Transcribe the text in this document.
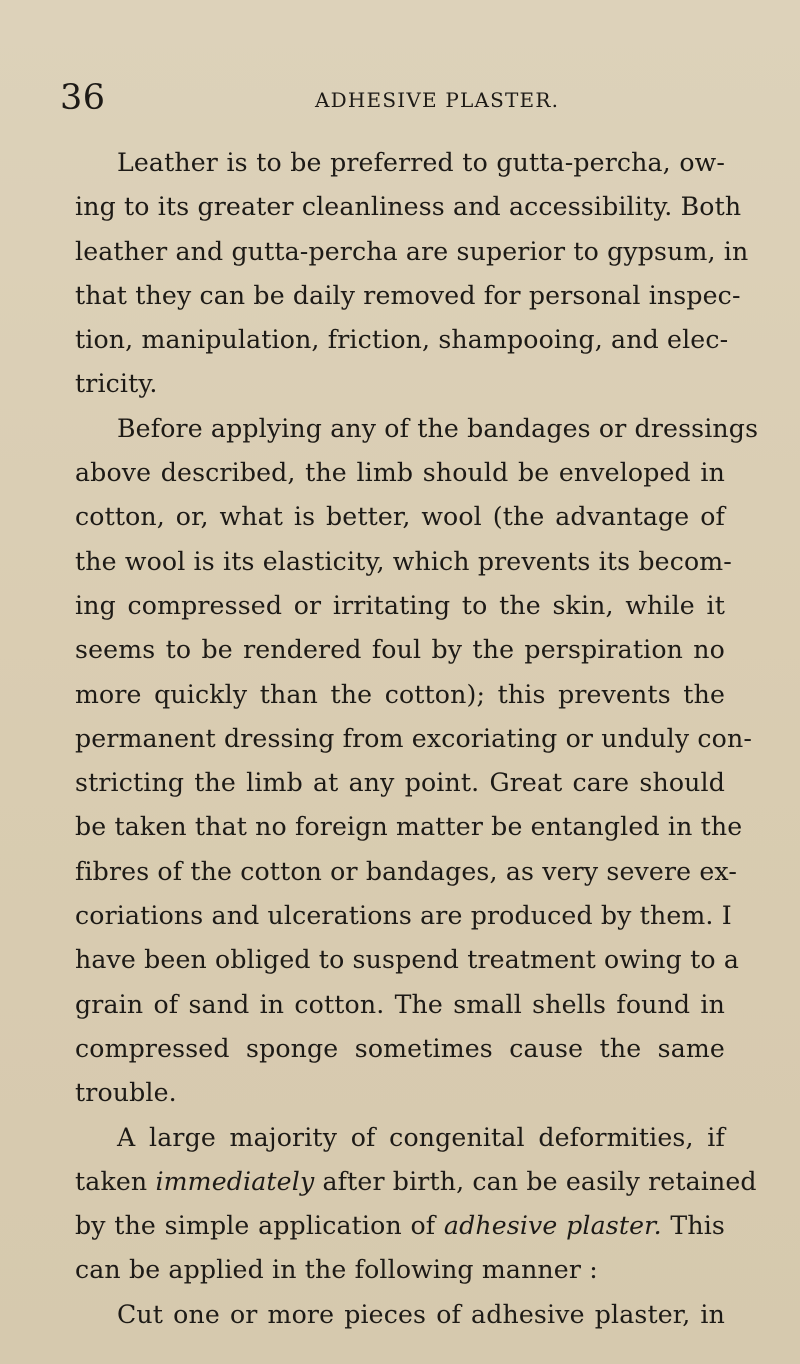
36	ADHESIVE PLASTER.
Leather is to be preferred to gutta-percha, ow-
ing to its greater cleanliness and accessibility. Both
leather and gutta-percha are superior to gypsum, in
that they can be daily removed for personal inspec-
tion, manipulation, friction, shampooing, and elec-
tricity.
Before applying any of the bandages or dressings
above described, the limb should be enveloped in
cotton, or, what is better, wool (the advantage of
the wool is its elasticity, which prevents its becom-
ing compressed or irritating to the skin, while it
seems to be rendered foul by the perspiration no
more quickly than the cotton); this prevents the
permanent dressing from excoriating or unduly con-
stricting the limb at any point. Great care should
be taken that no foreign matter be entangled in the
fibres of the cotton or bandages, as very severe ex-
coriations and ulcerations are produced by them. I
have been obliged to suspend treatment owing to a
grain of sand in cotton. The small shells found in
compressed sponge sometimes cause the same
trouble.
A large majority of congenital deformities, if
taken immediately after birth, can be easily retained
by the simple application of adhesive plaster. This
can be applied in the following manner :
Cut one or more pieces of adhesive plaster, in
